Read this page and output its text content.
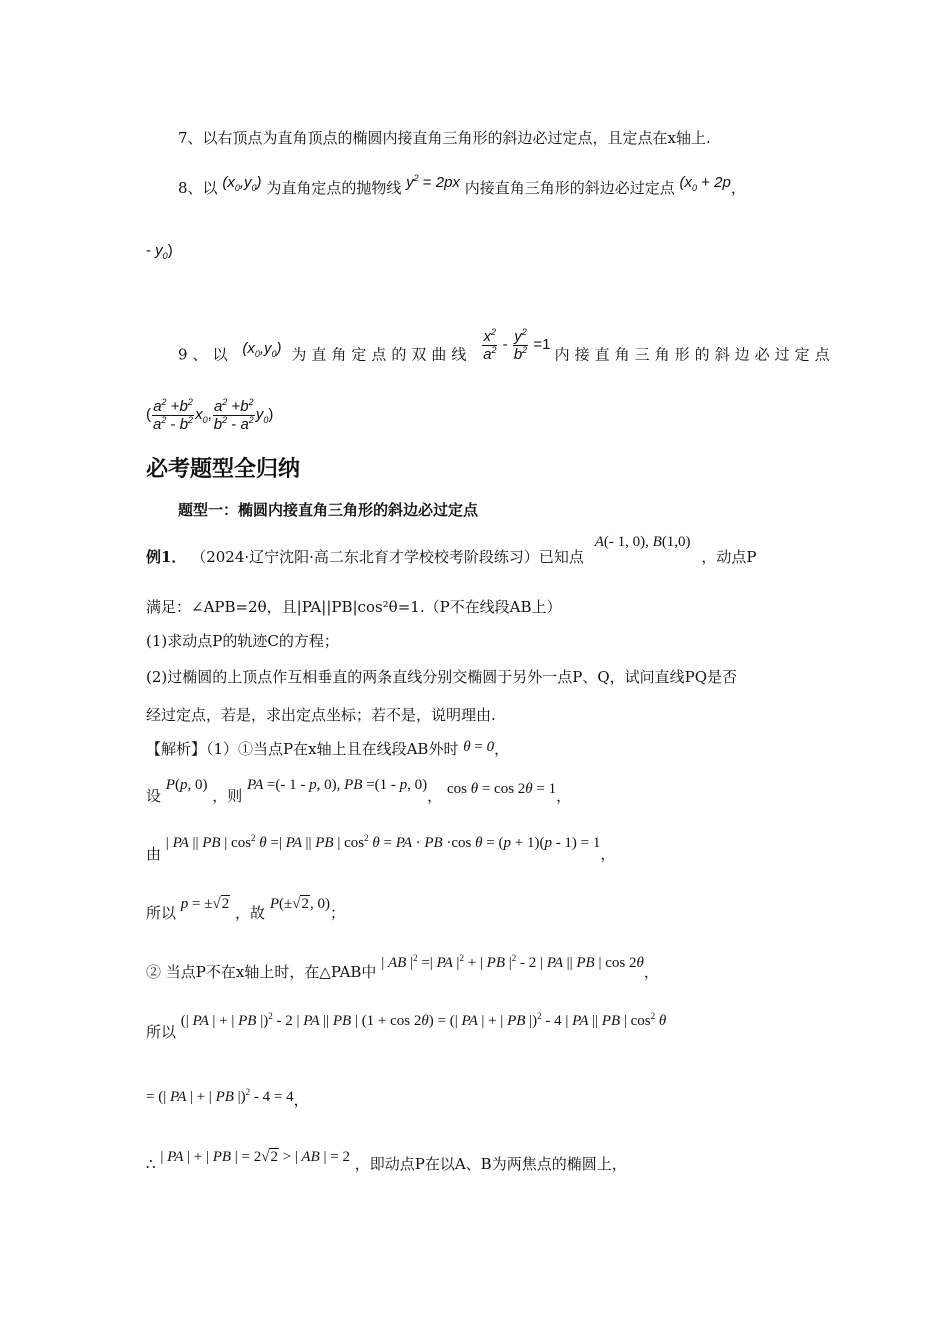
7、以右顶点为直角顶点的椭圆内接直角三角形的斜边必过定点，且定点在x轴上.
8、以 $(x_0,y_0)$ 为直角定点的抛物线 $y^2 = 2px$ 内接直角三角形的斜边必过定点 ($x_0 + 2p$，
- $y_0$)
9、以 $(x_0,y_0)$ 为直角定点的双曲线 $\frac{x^2}{a^2} - \frac{y^2}{b^2} =1$ 内接直角三角形的斜边必过定点
( $\frac{a^2 +b^2}{a^2 - b^2} x_0$, $\frac{a^2 +b^2}{b^2 - a^2} y_0$)
必考题型全归纳
题型一：椭圆内接直角三角形的斜边必过定点
例1． （2024·辽宁沈阳·高二东北育才学校校考阶段练习）已知点 A(- 1, 0), B(1,0) ，动点P
满足：∠APB=2θ，且|PA||PB|cos²θ=1.（P不在线段AB上）
(1)求动点P的轨迹C的方程；
(2)过椭圆的上顶点作互相垂直的两条直线分别交椭圆于另外一点P、Q，试问直线PQ是否
经过定点，若是，求出定点坐标；若不是，说明理由.
【解析】（1）①当点P在x轴上且在线段AB外时 θ = 0，
设 P(p, 0) ，则 PA =(- 1 - p, 0), PB =(1 - p, 0)， cos θ = cos 2θ = 1，
由 | PA || PB | $\cos^2 \theta$ =| PA || PB | $\cos^2 \theta$ = PA · PB ·cos θ = (p + 1)(p - 1) = 1，
所以 p = ±√2 ，故 P(±√2, 0)；
② 当点P不在x轴上时，在△PAB中 | AB $|^2$ =| PA $|^2$ + | PB $|^2 - 2$ | PA || PB | cos 2θ，
所以 (| PA | + | PB |)$^2$ - 2 | PA || PB | (1 + cos 2θ) = (| PA | + | PB |)$^2$ - 4 | PA || PB | $\cos^2 \theta$
= (| PA | + | PB |)$^2$ - 4 = 4，
∴ | PA | + | PB | = 2√2 > | AB | = 2 ，即动点P在以A、B为两焦点的椭圆上，
